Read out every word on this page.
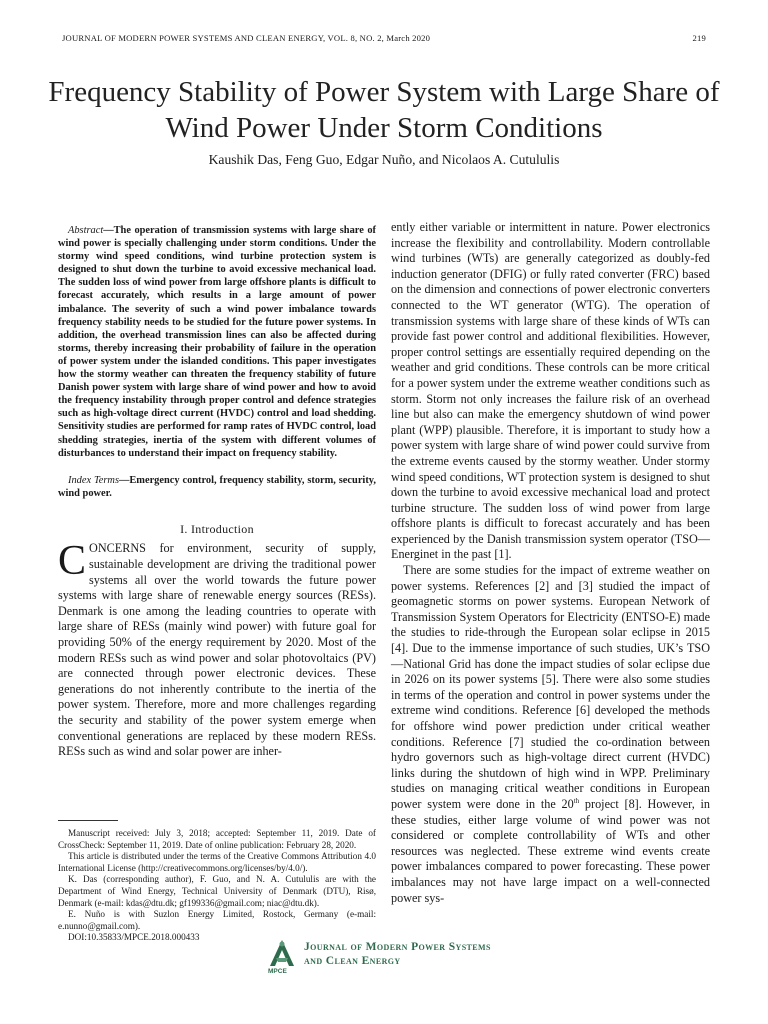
JOURNAL OF MODERN POWER SYSTEMS AND CLEAN ENERGY, VOL. 8, NO. 2, March 2020	219
Frequency Stability of Power System with Large Share of Wind Power Under Storm Conditions
Kaushik Das, Feng Guo, Edgar Nuño, and Nicolaos A. Cutululis

Abstract—The operation of transmission systems with large share of wind power is specially challenging under storm conditions. Under the stormy wind speed conditions, wind turbine protection system is designed to shut down the turbine to avoid excessive mechanical load. The sudden loss of wind power from large offshore plants is difficult to forecast accurately, which results in a large amount of power imbalance. The severity of such a wind power imbalance towards frequency stability needs to be studied for the future power systems. In addition, the overhead transmission lines can also be affected during storms, thereby increasing their probability of failure in the operation of power system under the islanded conditions. This paper investigates how the stormy weather can threaten the frequency stability of future Danish power system with large share of wind power and how to avoid the frequency instability through proper control and defence strategies such as high-voltage direct current (HVDC) control and load shedding. Sensitivity studies are performed for ramp rates of HVDC control, load shedding strategies, inertia of the system with different volumes of disturbances to understand their impact on frequency stability.

Index Terms—Emergency control, frequency stability, storm, security, wind power.

I. Introduction

CONCERNS for environment, security of supply, sustainable development are driving the traditional power systems all over the world towards the future power systems with large share of renewable energy sources (RESs). Denmark is one among the leading countries to operate with large share of RESs (mainly wind power) with future goal for providing 50% of the energy requirement by 2020. Most of the modern RESs such as wind power and solar photovoltaics (PV) are connected through power electronic devices. These generations do not inherently contribute to the inertia of the power system. Therefore, more and more challenges regarding the security and stability of the power system emerge when conventional generations are replaced by these modern RESs. RESs such as wind and solar power are inher-

ently either variable or intermittent in nature. Power electronics increase the flexibility and controllability. Modern controllable wind turbines (WTs) are generally categorized as doubly-fed induction generator (DFIG) or fully rated converter (FRC) based on the dimension and connections of power electronic converters connected to the WT generator (WTG). The operation of transmission systems with large share of these kinds of WTs can provide fast power control and additional flexibilities. However, proper control settings are essentially required depending on the weather and grid conditions. These controls can be more critical for a power system under the extreme weather conditions such as storm. Storm not only increases the failure risk of an overhead line but also can make the emergency shutdown of wind power plant (WPP) plausible. Therefore, it is important to study how a power system with large share of wind power could survive from the extreme events caused by the stormy weather. Under stormy wind speed conditions, WT protection system is designed to shut down the turbine to avoid excessive mechanical load and protect turbine structure. The sudden loss of wind power from large offshore plants is difficult to forecast accurately and has been experienced by the Danish transmission system operator (TSO—Energinet in the past [1].

There are some studies for the impact of extreme weather on power systems. References [2] and [3] studied the impact of geomagnetic storms on power systems. European Network of Transmission System Operators for Electricity (ENTSO-E) made the studies to ride-through the European solar eclipse in 2015 [4]. Due to the immense importance of such studies, UK’s TSO—National Grid has done the impact studies of solar eclipse due in 2026 on its power systems [5]. There were also some studies in terms of the operation and control in power systems under the extreme wind conditions. Reference [6] developed the methods for offshore wind power prediction under critical weather conditions. Reference [7] studied the co-ordination between hydro governors such as high-voltage direct current (HVDC) links during the shutdown of high wind in WPP. Preliminary studies on managing critical weather conditions in European power system were done in the 20th project [8]. However, in these studies, either large volume of wind power was not considered or complete controllability of WTs and other resources was neglected. These extreme wind events create power imbalances compared to power forecasting. These power imbalances may not have large impact on a well-connected power sys-

Manuscript received: July 3, 2018; accepted: September 11, 2019. Date of CrossCheck: September 11, 2019. Date of online publication: February 28, 2020.

This article is distributed under the terms of the Creative Commons Attribution 4.0 International License (http://creativecommons.org/licenses/by/4.0/).

K. Das (corresponding author), F. Guo, and N. A. Cutululis are with the Department of Wind Energy, Technical University of Denmark (DTU), Risø, Denmark (e-mail: kdas@dtu.dk; gf199336@gmail.com; niac@dtu.dk).

E. Nuño is with Suzlon Energy Limited, Rostock, Germany (e-mail: e.nunno@gmail.com).

DOI:10.35833/MPCE.2018.000433

MPCE
Journal of Modern Power Systems
and Clean Energy
